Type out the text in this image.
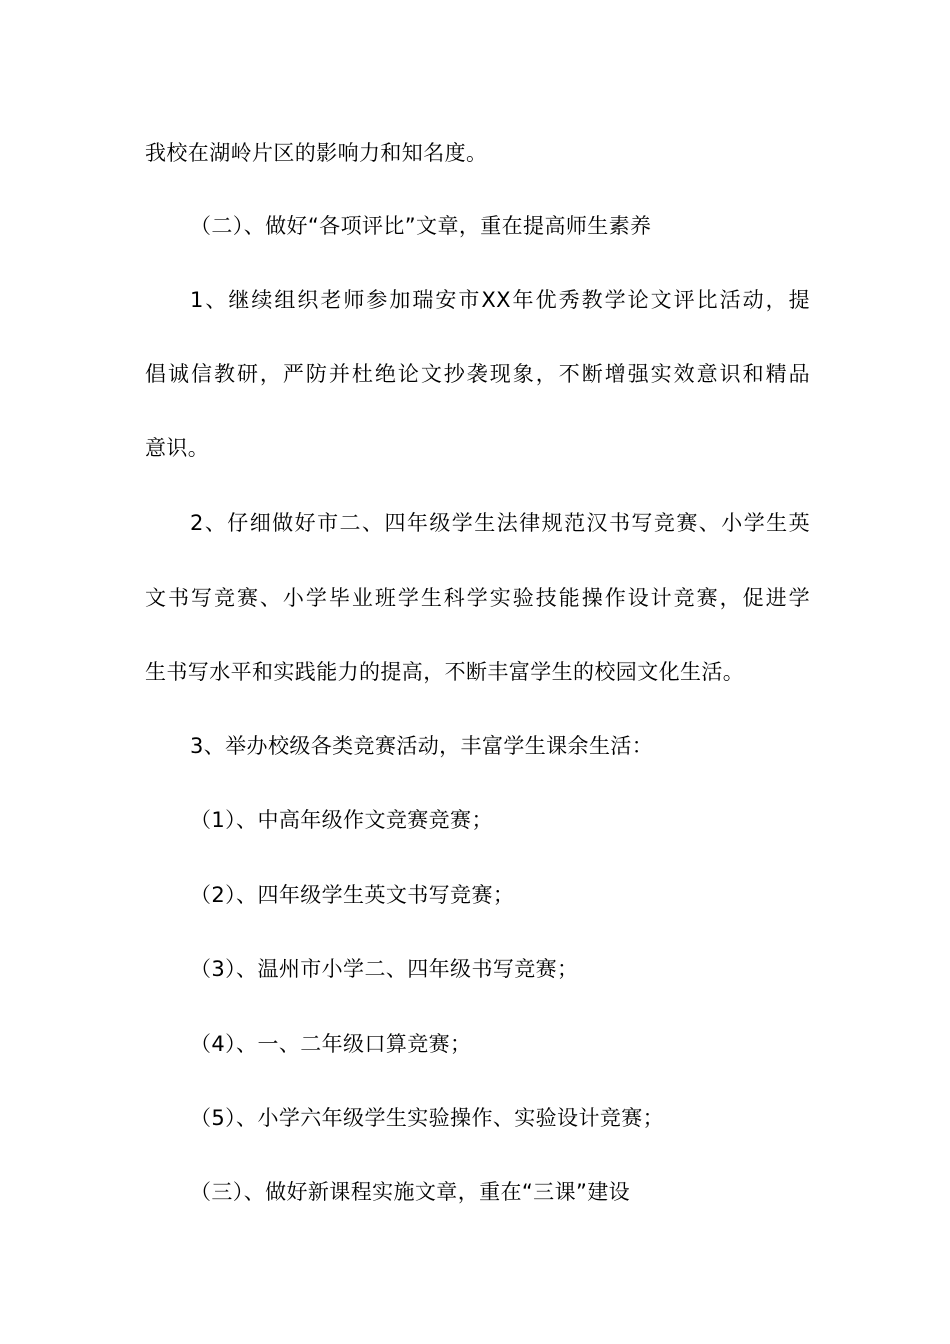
我校在湖岭片区的影响力和知名度。
（二）、做好“各项评比”文章，重在提高师生素养
1、继续组织老师参加瑞安市XX年优秀教学论文评比活动，提
倡诚信教研，严防并杜绝论文抄袭现象，不断增强实效意识和精品
意识。
2、仔细做好市二、四年级学生法律规范汉书写竞赛、小学生英
文书写竞赛、小学毕业班学生科学实验技能操作设计竞赛，促进学
生书写水平和实践能力的提高，不断丰富学生的校园文化生活。
3、举办校级各类竞赛活动，丰富学生课余生活：
（1）、中高年级作文竞赛竞赛；
（2）、四年级学生英文书写竞赛；
（3）、温州市小学二、四年级书写竞赛；
（4）、一、二年级口算竞赛；
（5）、小学六年级学生实验操作、实验设计竞赛；
（三）、做好新课程实施文章，重在“三课”建设
